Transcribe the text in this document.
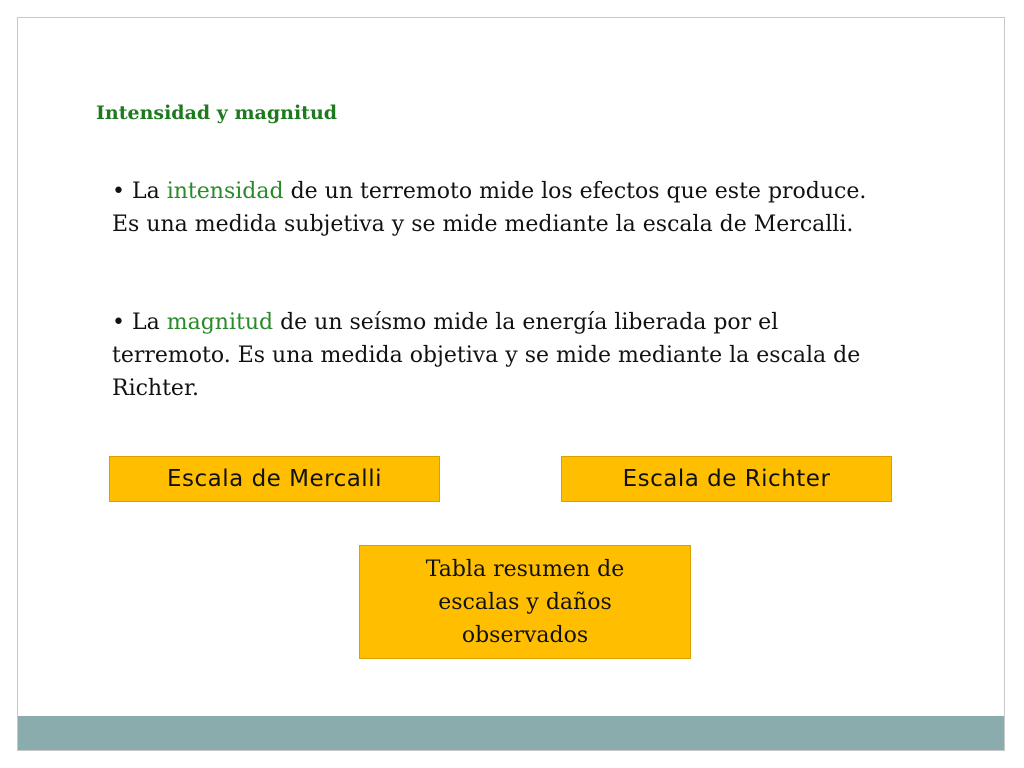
Intensidad y magnitud

• La intensidad de un terremoto mide los efectos que este produce. Es una medida subjetiva y se mide mediante la escala de Mercalli.

• La magnitud de un seísmo mide la energía liberada por el terremoto. Es una medida objetiva y se mide mediante la escala de Richter.

Escala de Mercalli	Escala de Richter
Tabla resumen de escalas y daños observados
